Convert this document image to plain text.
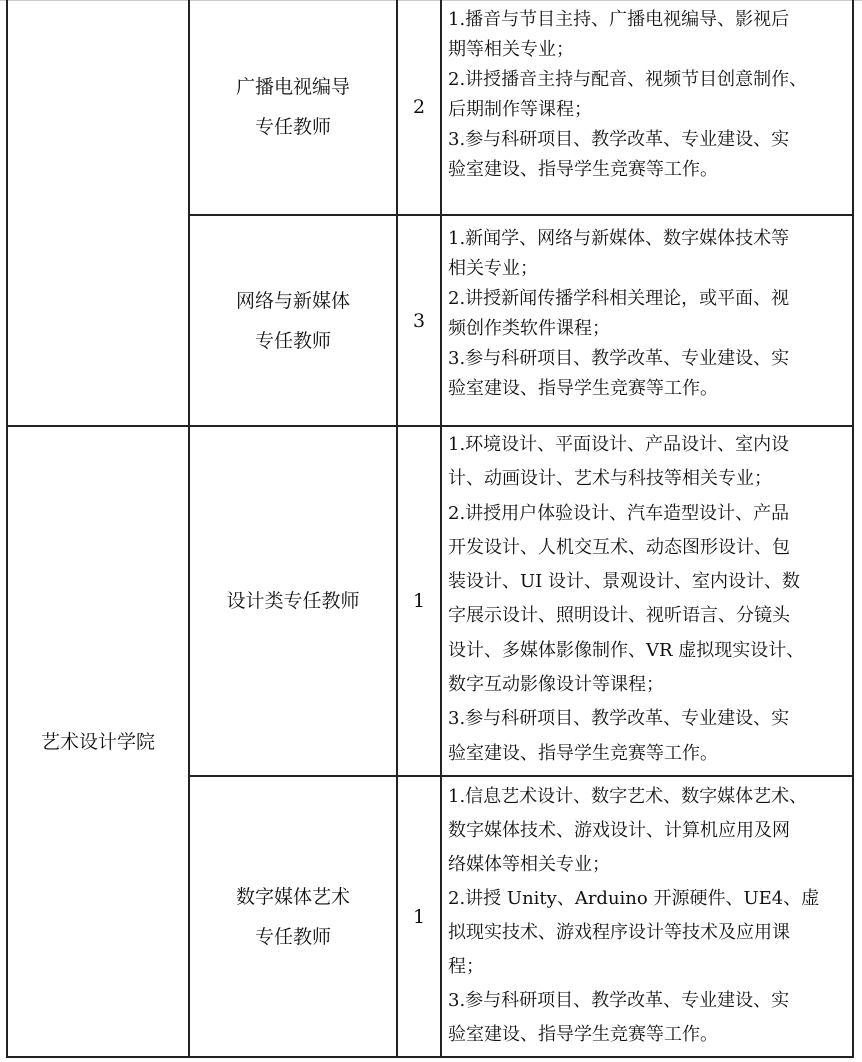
广播电视编导
专任教师
2
1.播音与节目主持、广播电视编导、影视后
期等相关专业；
2.讲授播音主持与配音、视频节目创意制作、
后期制作等课程；
3.参与科研项目、教学改革、专业建设、实
验室建设、指导学生竞赛等工作。
网络与新媒体
专任教师
3
1.新闻学、网络与新媒体、数字媒体技术等
相关专业；
2.讲授新闻传播学科相关理论，或平面、视
频创作类软件课程；
3.参与科研项目、教学改革、专业建设、实
验室建设、指导学生竞赛等工作。
艺术设计学院
设计类专任教师	1
1.环境设计、平面设计、产品设计、室内设
计、动画设计、艺术与科技等相关专业；
2.讲授用户体验设计、汽车造型设计、产品
开发设计、人机交互术、动态图形设计、包
装设计、UI 设计、景观设计、室内设计、数
字展示设计、照明设计、视听语言、分镜头
设计、多媒体影像制作、VR 虚拟现实设计、
数字互动影像设计等课程；
3.参与科研项目、教学改革、专业建设、实
验室建设、指导学生竞赛等工作。
数字媒体艺术
专任教师
1
1.信息艺术设计、数字艺术、数字媒体艺术、
数字媒体技术、游戏设计、计算机应用及网
络媒体等相关专业；
2.讲授 Unity、Arduino 开源硬件、UE4、虚
拟现实技术、游戏程序设计等技术及应用课
程；
3.参与科研项目、教学改革、专业建设、实
验室建设、指导学生竞赛等工作。
